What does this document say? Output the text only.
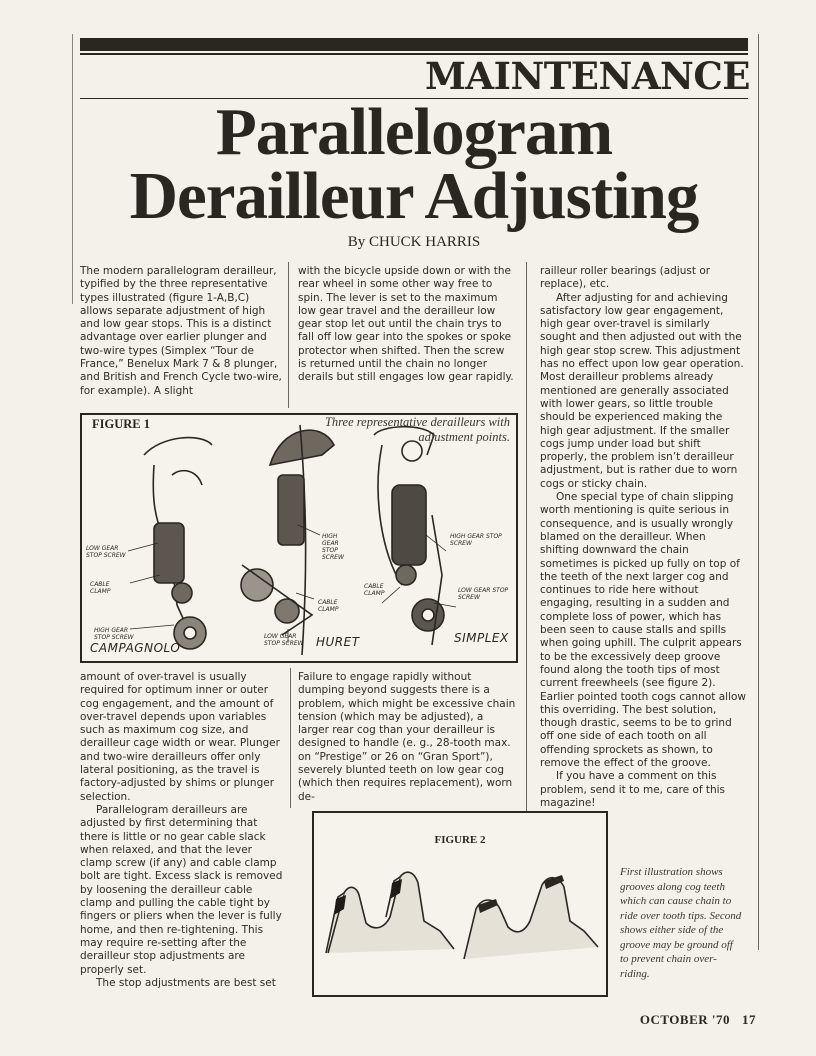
MAINTENANCE
Parallelogram
Derailleur Adjusting
By CHUCK HARRIS

The modern parallelogram derailleur, typified by the three representative types illustrated (figure 1-A,B,C) allows separate adjustment of high and low gear stops. This is a distinct advantage over earlier plunger and two-wire types (Simplex “Tour de France,” Benelux Mark 7 & 8 plunger, and British and French Cycle two-wire, for example). A slight

with the bicycle upside down or with the rear wheel in some other way free to spin. The lever is set to the maximum low gear travel and the derailleur low gear stop let out until the chain trys to fall off low gear into the spokes or spoke protector when shifted. Then the screw is returned until the chain no longer derails but still engages low gear rapidly.

FIGURE 1	Three representative derailleurs with adjustment points.
LOW GEAR STOP SCREW
CABLE CLAMP
HIGH GEAR STOP SCREW
HIGH GEAR STOP SCREW
CABLE CLAMP
LOW GEAR STOP SCREW
HIGH GEAR STOP SCREW
CABLE CLAMP	LOW GEAR STOP SCREW
CAMPAGNOLO	HURET	SIMPLEX

amount of over-travel is usually required for optimum inner or outer cog engagement, and the amount of over-travel depends upon variables such as maximum cog size, and derailleur cage width or wear. Plunger and two-wire derailleurs offer only lateral positioning, as the travel is factory-adjusted by shims or plunger selection.

Parallelogram derailleurs are adjusted by first determining that there is little or no gear cable slack when relaxed, and that the lever clamp screw (if any) and cable clamp bolt are tight. Excess slack is removed by loosening the derailleur cable clamp and pulling the cable tight by fingers or pliers when the lever is fully home, and then re-tightening. This may require re-setting after the derailleur stop adjustments are properly set.

The stop adjustments are best set

Failure to engage rapidly without dumping beyond suggests there is a problem, which might be excessive chain tension (which may be adjusted), a larger rear cog than your derailleur is designed to handle (e. g., 28-tooth max. on “Prestige” or 26 on “Gran Sport”), severely blunted teeth on low gear cog (which then requires replacement), worn de-

railleur roller bearings (adjust or replace), etc.

After adjusting for and achieving satisfactory low gear engagement, high gear over-travel is similarly sought and then adjusted out with the high gear stop screw. This adjustment has no effect upon low gear operation. Most derailleur problems already mentioned are generally associated with lower gears, so little trouble should be experienced making the high gear adjustment. If the smaller cogs jump under load but shift properly, the problem isn’t derailleur adjustment, but is rather due to worn cogs or sticky chain.

One special type of chain slipping worth mentioning is quite serious in consequence, and is usually wrongly blamed on the derailleur. When shifting downward the chain sometimes is picked up fully on top of the teeth of the next larger cog and continues to ride here without engaging, resulting in a sudden and complete loss of power, which has been seen to cause stalls and spills when going uphill. The culprit appears to be the excessively deep groove found along the tooth tips of most current freewheels (see figure 2). Earlier pointed tooth cogs cannot allow this overriding. The best solution, though drastic, seems to be to grind off one side of each tooth on all offending sprockets as shown, to remove the effect of the groove.

If you have a comment on this problem, send it to me, care of this magazine!

FIGURE 2
First illustration shows grooves along cog teeth which can cause chain to ride over tooth tips. Second shows either side of the groove may be ground off to prevent chain over-riding.
OCTOBER '70 17
